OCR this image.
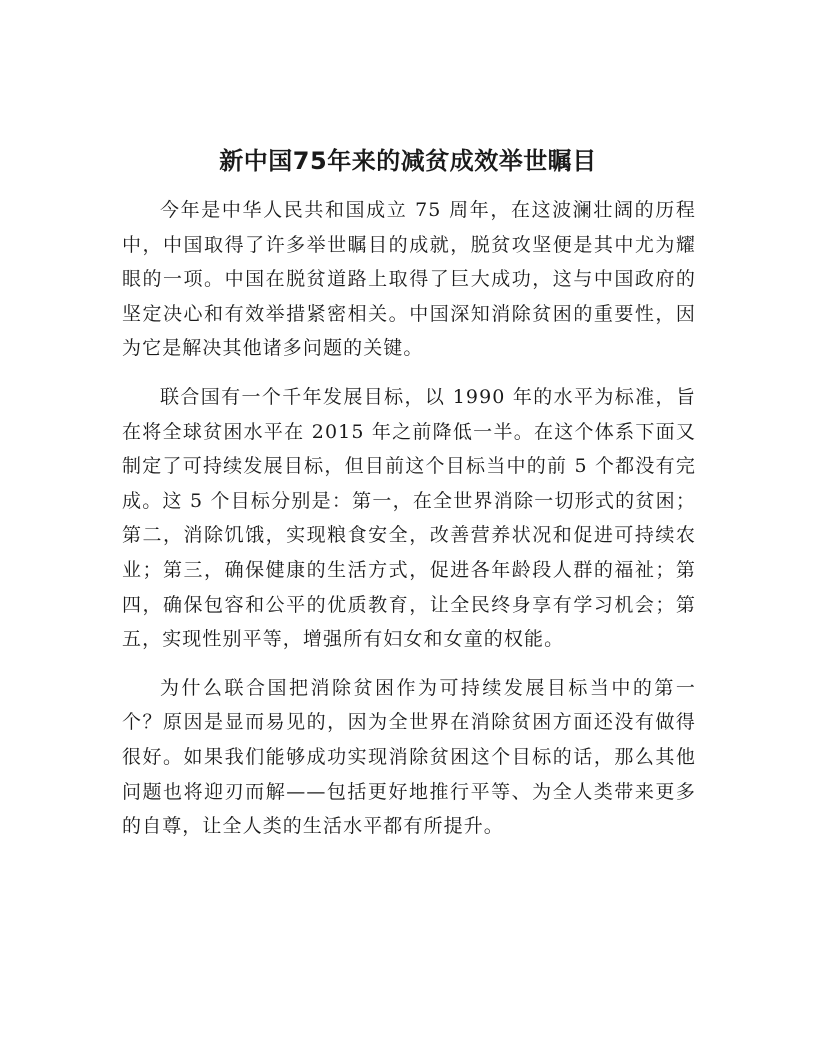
新中国75年来的减贫成效举世瞩目

今年是中华人民共和国成立 75 周年，在这波澜壮阔的历程中，中国取得了许多举世瞩目的成就，脱贫攻坚便是其中尤为耀眼的一项。中国在脱贫道路上取得了巨大成功，这与中国政府的坚定决心和有效举措紧密相关。中国深知消除贫困的重要性，因为它是解决其他诸多问题的关键。

联合国有一个千年发展目标，以 1990 年的水平为标准，旨在将全球贫困水平在 2015 年之前降低一半。在这个体系下面又制定了可持续发展目标，但目前这个目标当中的前 5 个都没有完成。这 5 个目标分别是：第一，在全世界消除一切形式的贫困；第二，消除饥饿，实现粮食安全，改善营养状况和促进可持续农业；第三，确保健康的生活方式，促进各年龄段人群的福祉；第四，确保包容和公平的优质教育，让全民终身享有学习机会；第五，实现性别平等，增强所有妇女和女童的权能。

为什么联合国把消除贫困作为可持续发展目标当中的第一个？原因是显而易见的，因为全世界在消除贫困方面还没有做得很好。如果我们能够成功实现消除贫困这个目标的话，那么其他问题也将迎刃而解——包括更好地推行平等、为全人类带来更多的自尊，让全人类的生活水平都有所提升。
